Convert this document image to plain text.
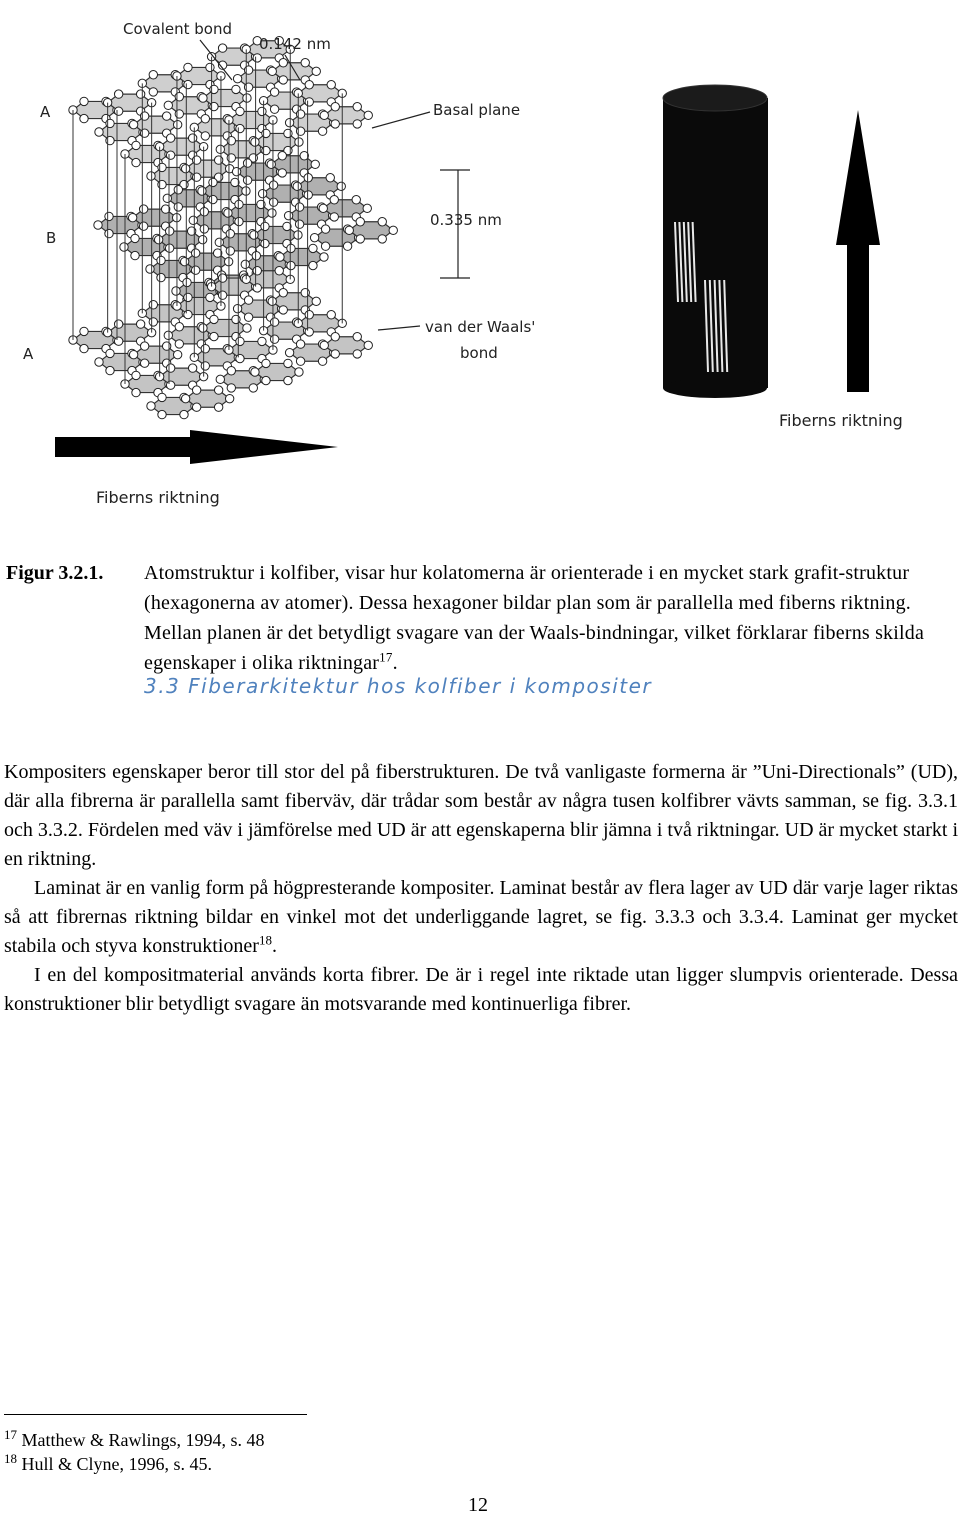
Covalent bond
0.142 nm
Basal plane
0.335 nm
A
B
A
van der Waals'
bond
Fiberns riktning
Fiberns riktning
Figur 3.2.1. Atomstruktur i kolfiber, visar hur kolatomerna är orienterade i en mycket stark grafit-struktur (hexagonerna av atomer). Dessa hexagoner bildar plan som är parallella med fiberns riktning. Mellan planen är det betydligt svagare van der Waals-bindningar, vilket förklarar fiberns skilda egenskaper i olika riktningar$^{17}$.
3.3 Fiberarkitektur hos kolfiber i kompositer

Kompositers egenskaper beror till stor del på fiberstrukturen. De två vanligaste formerna är ”Uni-Directionals” (UD), där alla fibrerna är parallella samt fiberväv, där trådar som består av några tusen kolfibrer vävts samman, se fig. 3.3.1 och 3.3.2. Fördelen med väv i jämförelse med UD är att egenskaperna blir jämna i två riktningar. UD är mycket starkt i en riktning.

Laminat är en vanlig form på högpresterande kompositer. Laminat består av flera lager av UD där varje lager riktas så att fibrernas riktning bildar en vinkel mot det underliggande lagret, se fig. 3.3.3 och 3.3.4. Laminat ger mycket stabila och styva konstruktioner$^{18}$.

I en del kompositmaterial används korta fibrer. De är i regel inte riktade utan ligger slumpvis orienterade. Dessa konstruktioner blir betydligt svagare än motsvarande med kontinuerliga fibrer.

$^{17}$ Matthew & Rawlings, 1994, s. 48
$^{18}$ Hull & Clyne, 1996, s. 45.
12
